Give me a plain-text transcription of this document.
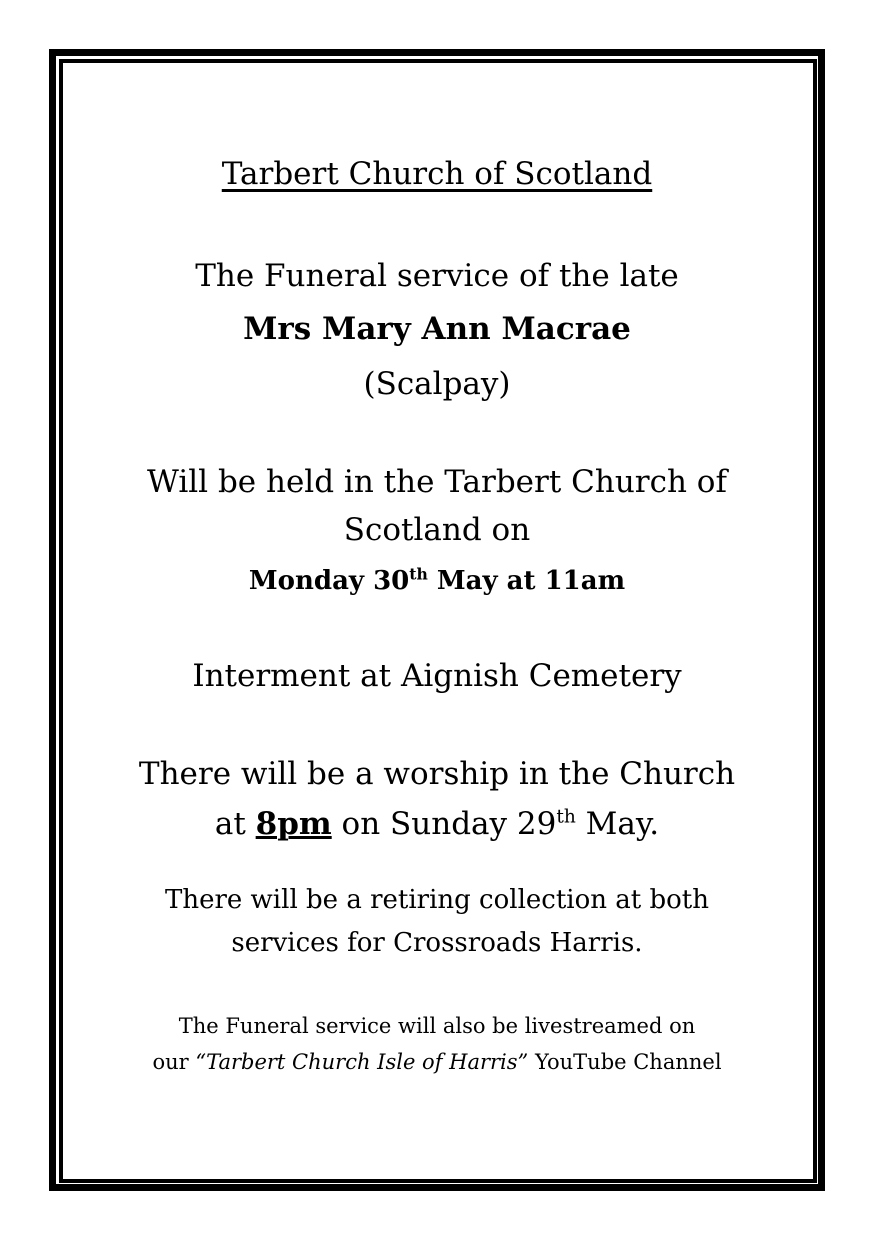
Tarbert Church of Scotland
The Funeral service of the late
Mrs Mary Ann Macrae
(Scalpay)
Will be held in the Tarbert Church of
Scotland on
Monday 30th May at 11am
Interment at Aignish Cemetery
There will be a worship in the Church
at 8pm on Sunday 29th May.
There will be a retiring collection at both
services for Crossroads Harris.
The Funeral service will also be livestreamed on
our “Tarbert Church Isle of Harris” YouTube Channel
